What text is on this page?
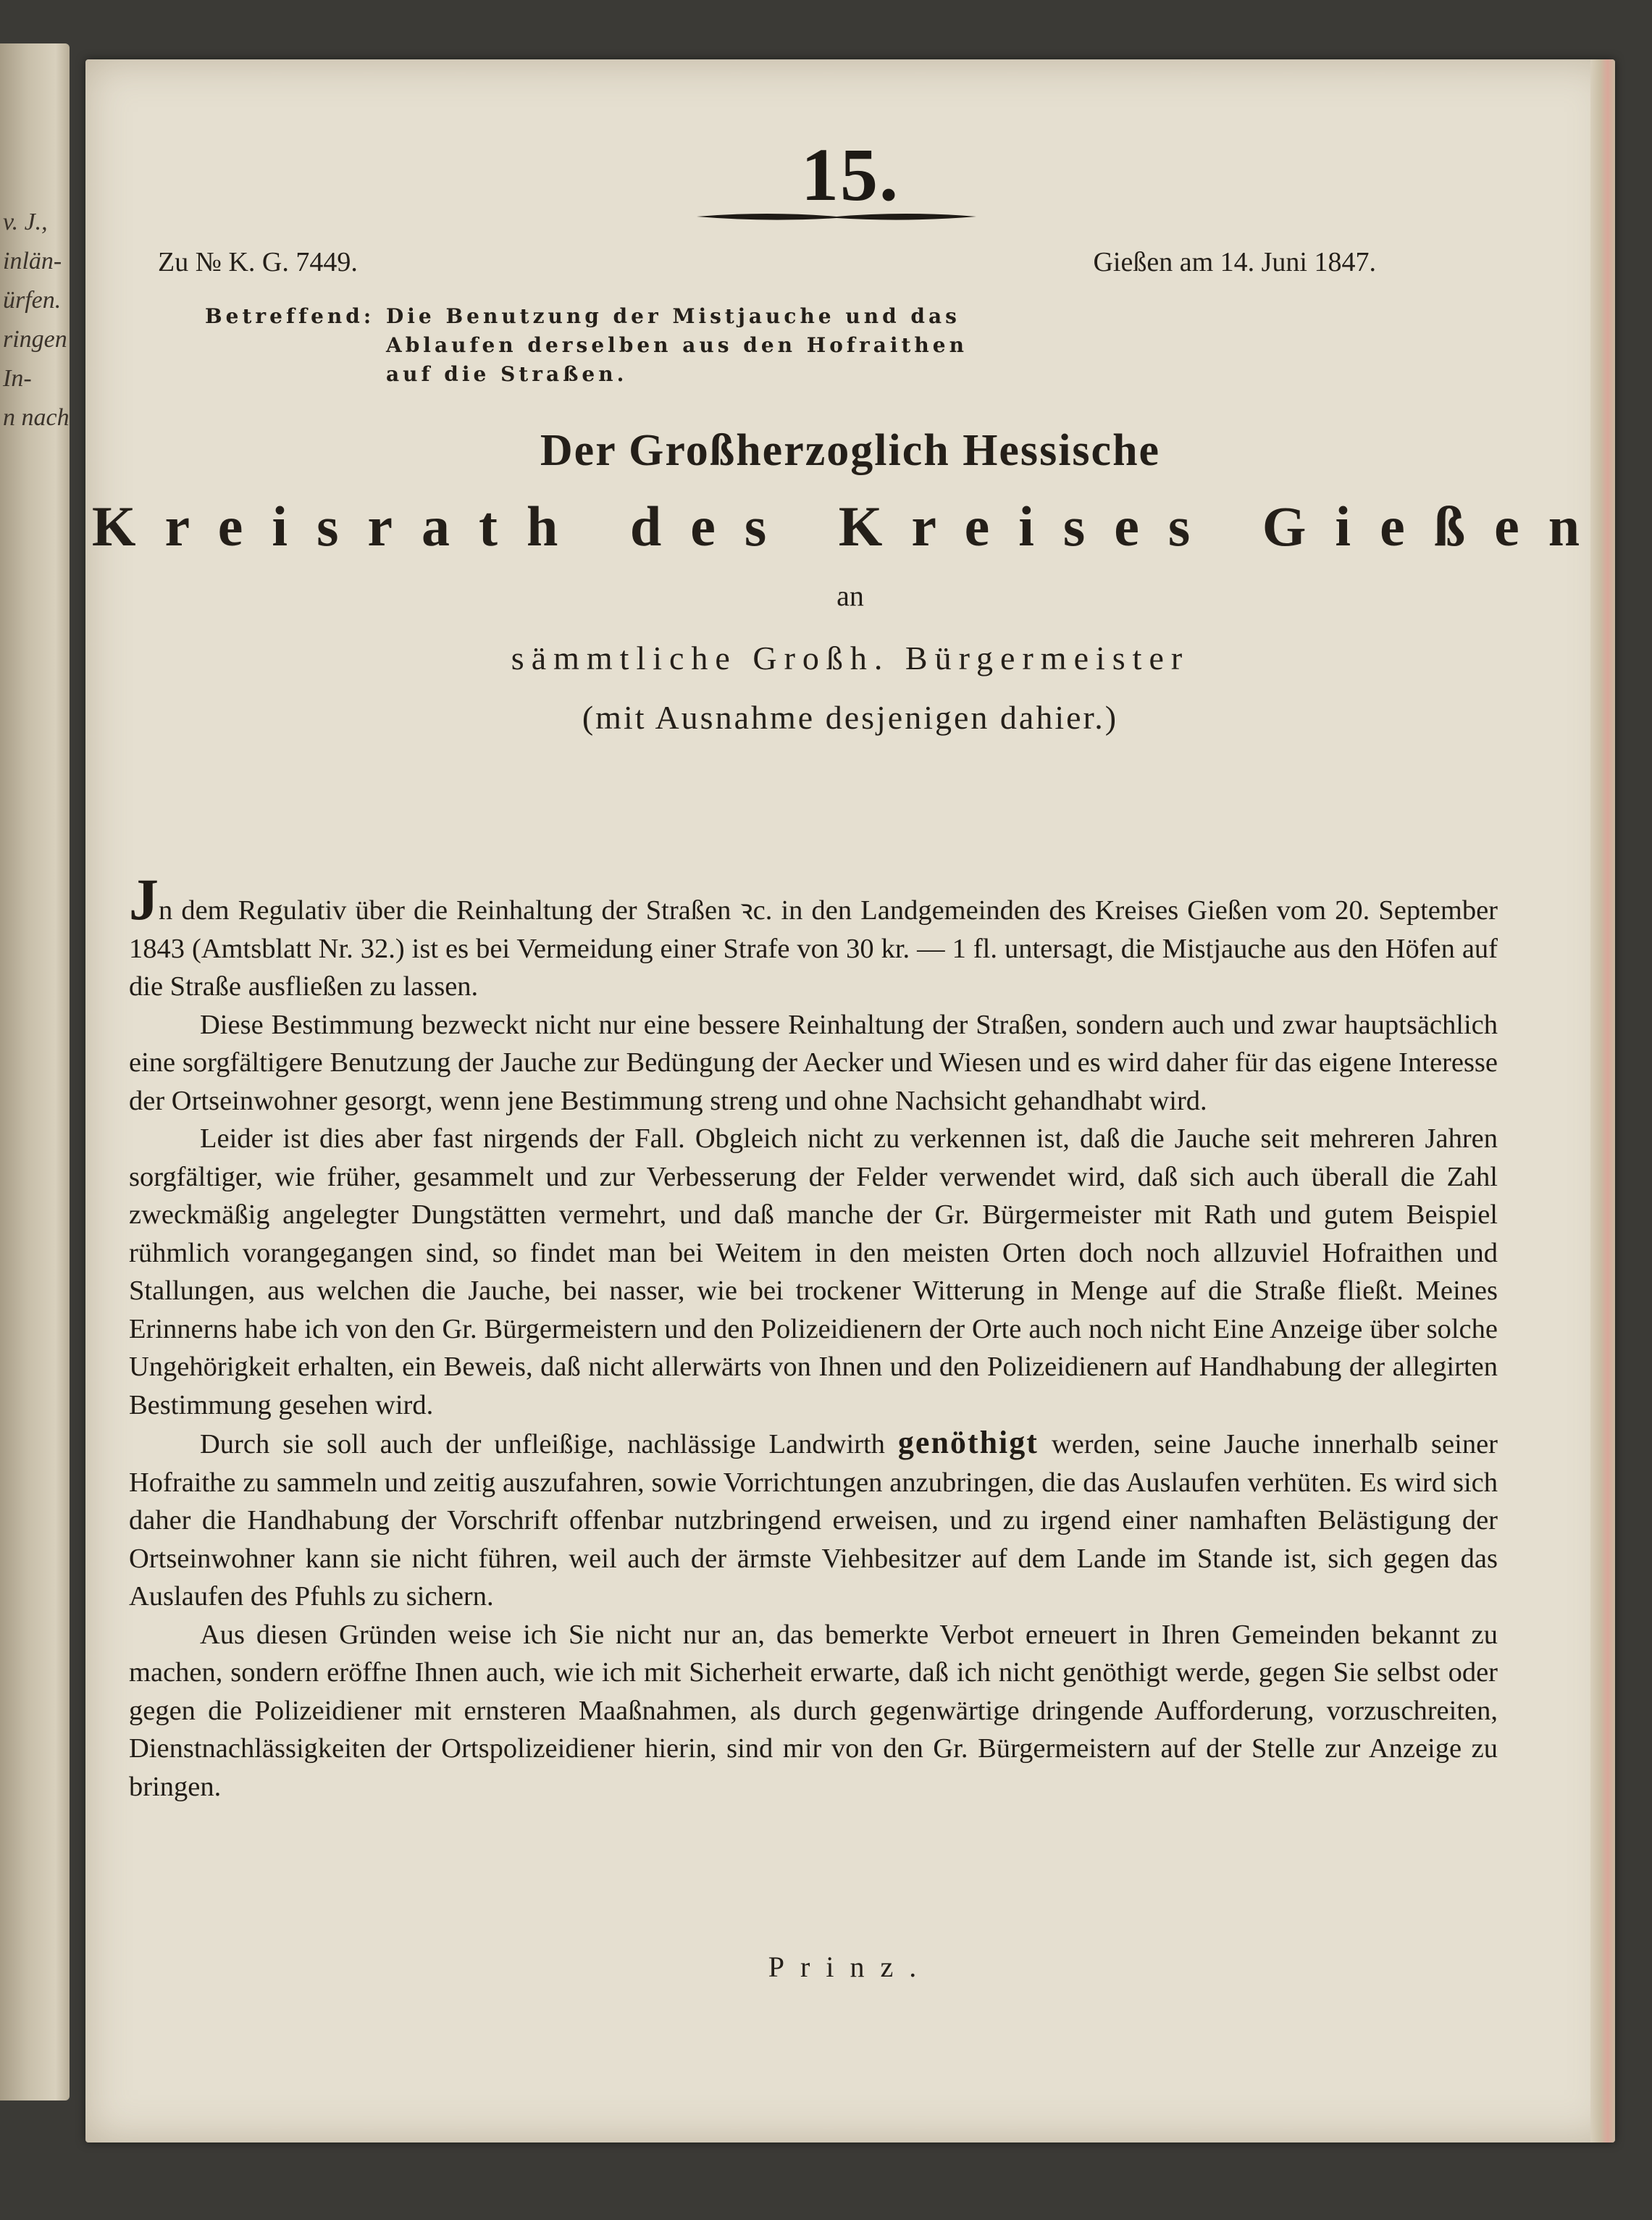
v. J.,
inlän-
ürfen.
ringen
In-
n nach
15.
Zu № K. G. 7449.	Gießen am 14. Juni 1847.
Betreffend: Die Benutzung der Mistjauche und das
Ablaufen derselben aus den Hofraithen
auf die Straßen.
Der Großherzoglich Hessische
Kreisrath des Kreises Gießen
an
sämmtliche Großh. Bürgermeister
(mit Ausnahme desjenigen dahier.)

Jn dem Regulativ über die Reinhaltung der Straßen ꝛc. in den Landgemeinden des Kreises Gießen vom 20. September 1843 (Amtsblatt Nr. 32.) ist es bei Vermeidung einer Strafe von 30 kr. — 1 fl. untersagt, die Mistjauche aus den Höfen auf die Straße ausfließen zu lassen.

Diese Bestimmung bezweckt nicht nur eine bessere Reinhaltung der Straßen, sondern auch und zwar hauptsächlich eine sorgfältigere Benutzung der Jauche zur Bedüngung der Aecker und Wiesen und es wird daher für das eigene Interesse der Ortseinwohner gesorgt, wenn jene Bestimmung streng und ohne Nachsicht gehandhabt wird.

Leider ist dies aber fast nirgends der Fall. Obgleich nicht zu verkennen ist, daß die Jauche seit mehreren Jahren sorgfältiger, wie früher, gesammelt und zur Verbesserung der Felder verwendet wird, daß sich auch überall die Zahl zweckmäßig angelegter Dungstätten vermehrt, und daß manche der Gr. Bürgermeister mit Rath und gutem Beispiel rühmlich vorangegangen sind, so findet man bei Weitem in den meisten Orten doch noch allzuviel Hofraithen und Stallungen, aus welchen die Jauche, bei nasser, wie bei trockener Witterung in Menge auf die Straße fließt. Meines Erinnerns habe ich von den Gr. Bürgermeistern und den Polizeidienern der Orte auch noch nicht Eine Anzeige über solche Ungehörigkeit erhalten, ein Beweis, daß nicht allerwärts von Ihnen und den Polizeidienern auf Handhabung der allegirten Bestimmung gesehen wird.

Durch sie soll auch der unfleißige, nachlässige Landwirth genöthigt werden, seine Jauche innerhalb seiner Hofraithe zu sammeln und zeitig auszufahren, sowie Vorrichtungen anzubringen, die das Auslaufen verhüten. Es wird sich daher die Handhabung der Vorschrift offenbar nutzbringend erweisen, und zu irgend einer namhaften Belästigung der Ortseinwohner kann sie nicht führen, weil auch der ärmste Viehbesitzer auf dem Lande im Stande ist, sich gegen das Auslaufen des Pfuhls zu sichern.

Aus diesen Gründen weise ich Sie nicht nur an, das bemerkte Verbot erneuert in Ihren Gemeinden bekannt zu machen, sondern eröffne Ihnen auch, wie ich mit Sicherheit erwarte, daß ich nicht genöthigt werde, gegen Sie selbst oder gegen die Polizeidiener mit ernsteren Maaßnahmen, als durch gegenwärtige dringende Aufforderung, vorzuschreiten, Dienstnachlässigkeiten der Ortspolizeidiener hierin, sind mir von den Gr. Bürgermeistern auf der Stelle zur Anzeige zu bringen.

Prinz.
